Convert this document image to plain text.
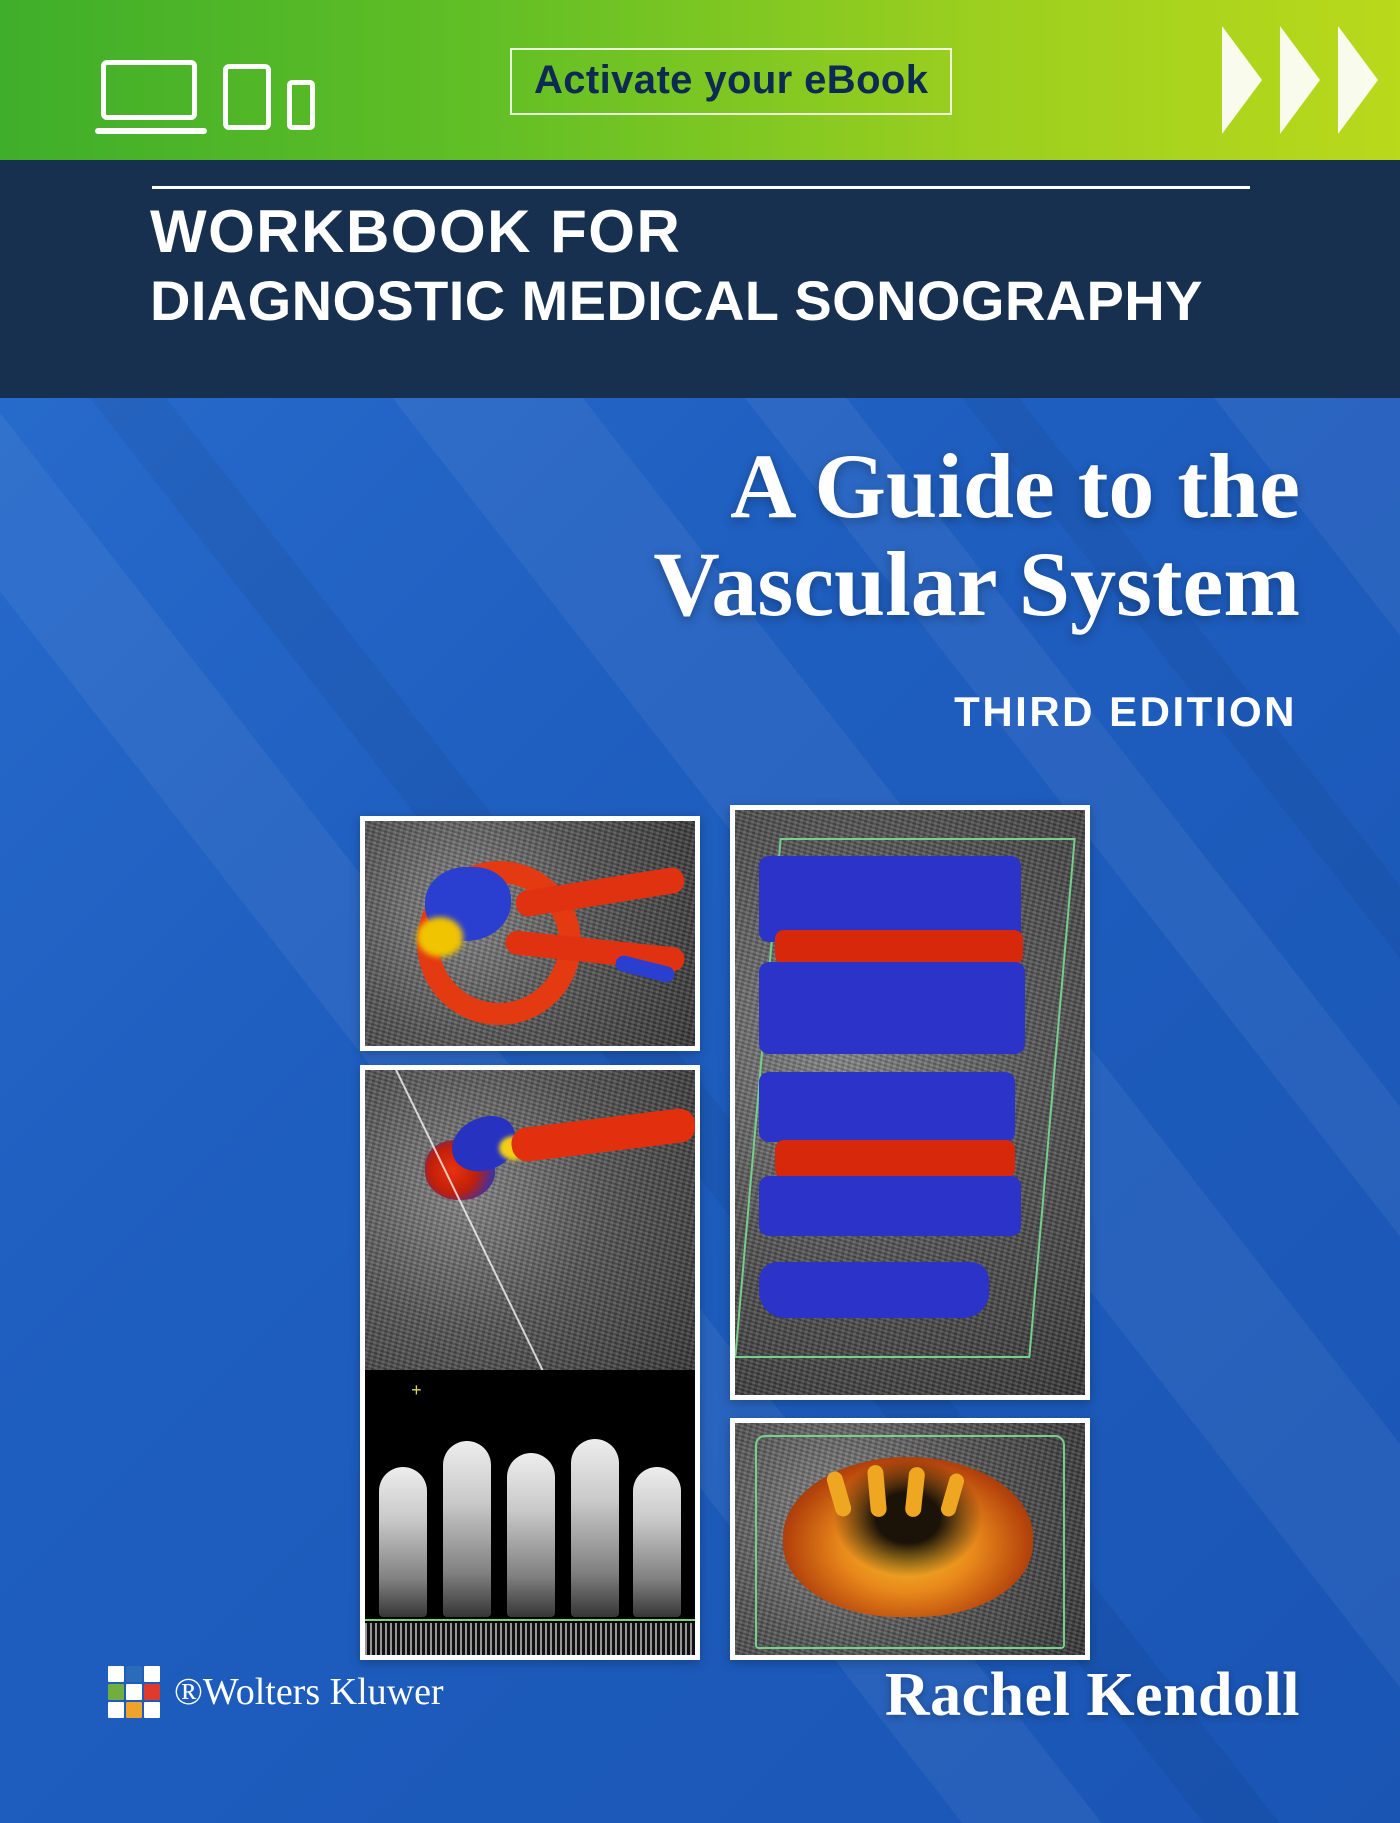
Activate your eBook
WORKBOOK FOR
DIAGNOSTIC MEDICAL SONOGRAPHY
A Guide to the
Vascular System
THIRD EDITION
+
®Wolters Kluwer	Rachel Kendoll
